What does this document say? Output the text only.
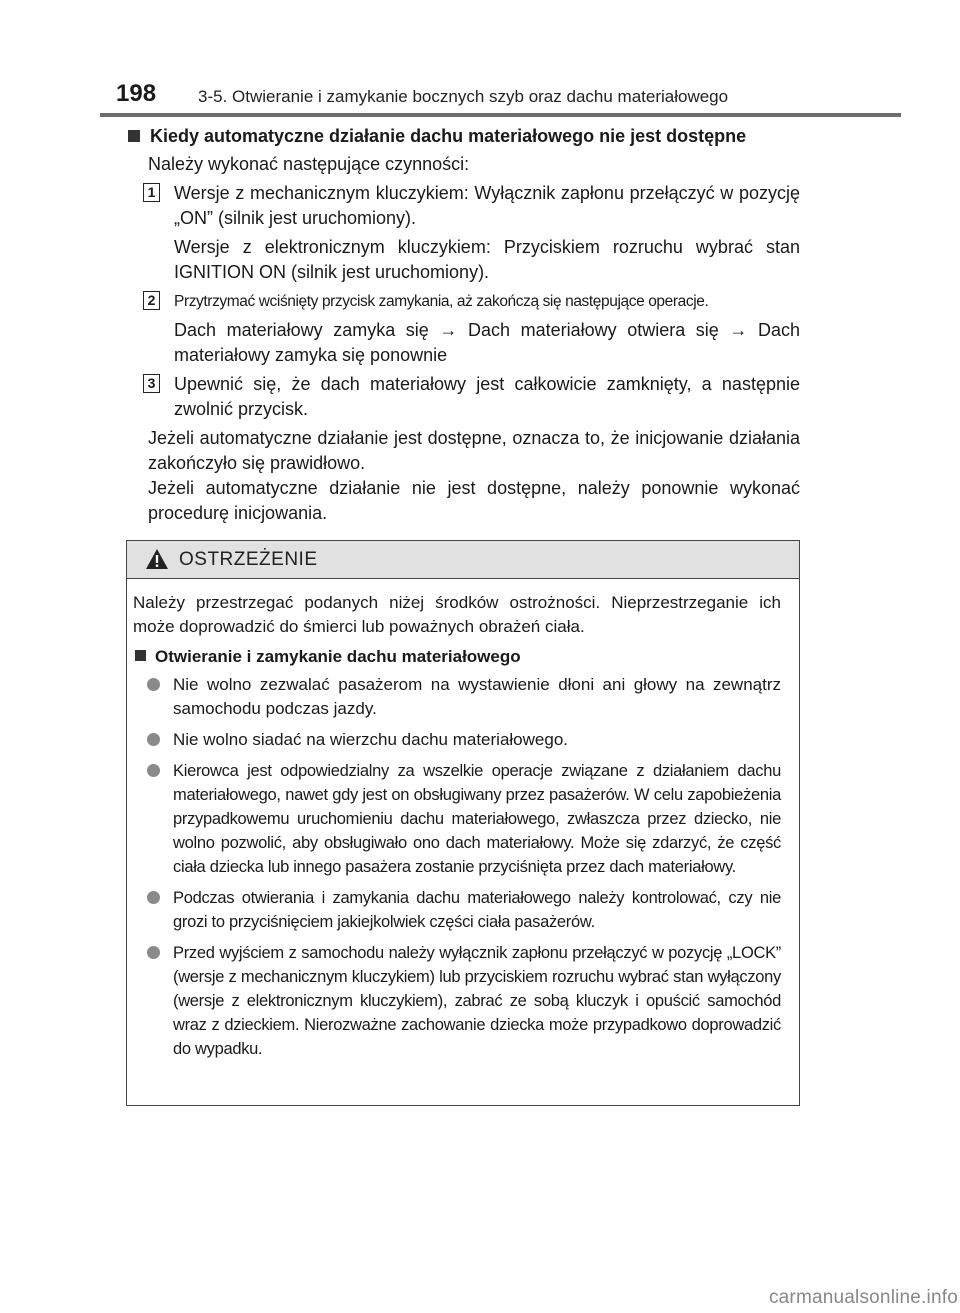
198 3-5. Otwieranie i zamykanie bocznych szyb oraz dachu materiałowego
Kiedy automatyczne działanie dachu materiałowego nie jest dostępne
Należy wykonać następujące czynności:
1 Wersje z mechanicznym kluczykiem: Wyłącznik zapłonu przełączyć w pozycję „ON” (silnik jest uruchomiony).
Wersje z elektronicznym kluczykiem: Przyciskiem rozruchu wybrać stan IGNITION ON (silnik jest uruchomiony).
2 Przytrzymać wciśnięty przycisk zamykania, aż zakończą się następujące operacje.
Dach materiałowy zamyka się → Dach materiałowy otwiera się → Dach materiałowy zamyka się ponownie
3 Upewnić się, że dach materiałowy jest całkowicie zamknięty, a następnie zwolnić przycisk.
Jeżeli automatyczne działanie jest dostępne, oznacza to, że inicjowanie działania zakończyło się prawidłowo.
Jeżeli automatyczne działanie nie jest dostępne, należy ponownie wykonać procedurę inicjowania.
OSTRZEŻENIE
Należy przestrzegać podanych niżej środków ostrożności. Nieprzestrzeganie ich może doprowadzić do śmierci lub poważnych obrażeń ciała.
Otwieranie i zamykanie dachu materiałowego
Nie wolno zezwalać pasażerom na wystawienie dłoni ani głowy na zewnątrz samochodu podczas jazdy.
Nie wolno siadać na wierzchu dachu materiałowego.
Kierowca jest odpowiedzialny za wszelkie operacje związane z działaniem dachu materiałowego, nawet gdy jest on obsługiwany przez pasażerów. W celu zapobieżenia przypadkowemu uruchomieniu dachu materiałowego, zwłaszcza przez dziecko, nie wolno pozwolić, aby obsługiwało ono dach materiałowy. Może się zdarzyć, że część ciała dziecka lub innego pasażera zostanie przyciśnięta przez dach materiałowy.
Podczas otwierania i zamykania dachu materiałowego należy kontrolować, czy nie grozi to przyciśnięciem jakiejkolwiek części ciała pasażerów.
Przed wyjściem z samochodu należy wyłącznik zapłonu przełączyć w pozycję „LOCK” (wersje z mechanicznym kluczykiem) lub przyciskiem rozruchu wybrać stan wyłączony (wersje z elektronicznym kluczykiem), zabrać ze sobą kluczyk i opuścić samochód wraz z dzieckiem. Nierozważne zachowanie dziecka może przypadkowo doprowadzić do wypadku.
carmanualsonline.info
